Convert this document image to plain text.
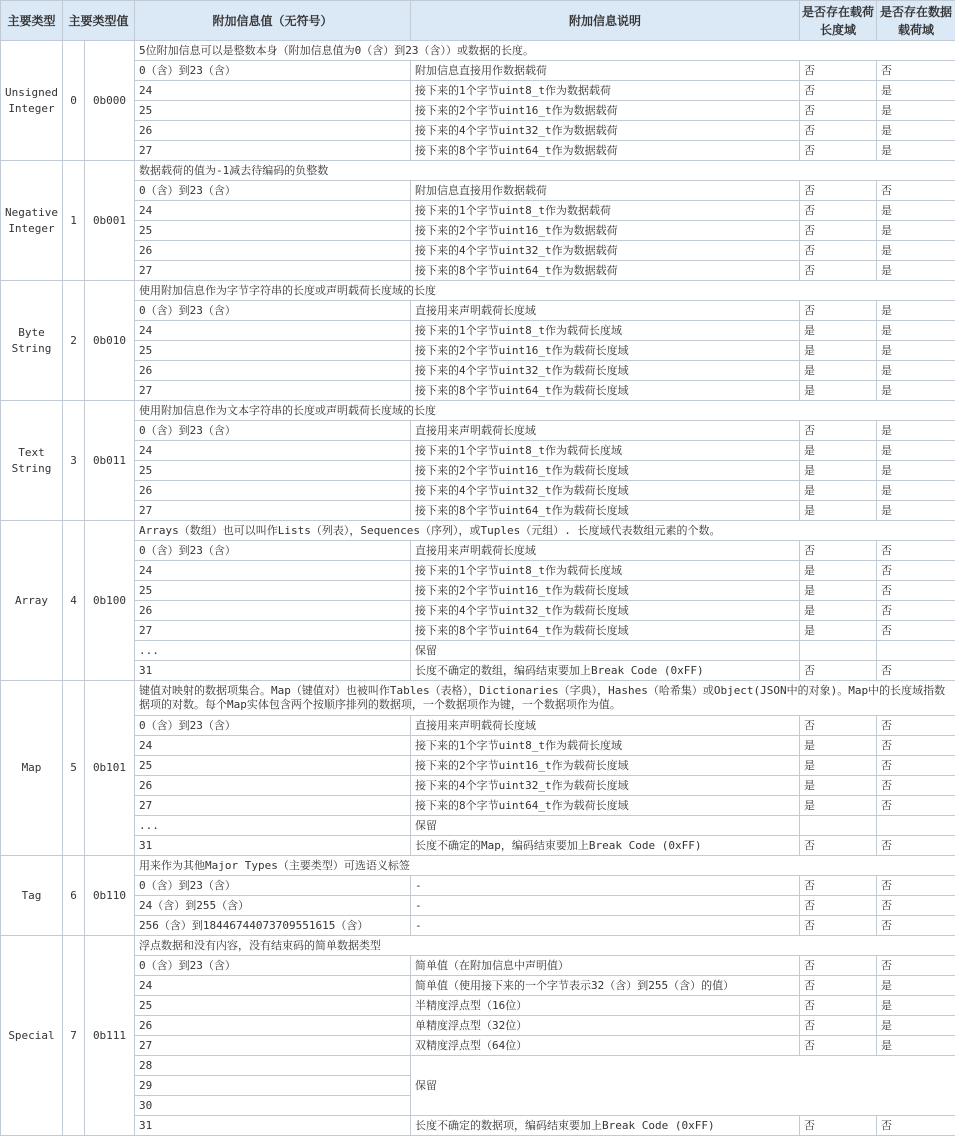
主要类型	主要类型值		附加信息值（无符号）	附加信息说明	是否存在载荷长度域	是否存在数据载荷域
Unsigned Integer	0	0b000	5位附加信息可以是整数本身（附加信息值为0（含）到23（含））或数据的长度。			
			0（含）到23（含）	附加信息直接用作数据载荷	否	否
			24	接下来的1个字节uint8_t作为数据载荷	否	是
			25	接下来的2个字节uint16_t作为数据载荷	否	是
			26	接下来的4个字节uint32_t作为数据载荷	否	是
			27	接下来的8个字节uint64_t作为数据载荷	否	是
Negative Integer	1	0b001	数据载荷的值为-1减去待编码的负整数			
			0（含）到23（含）	附加信息直接用作数据载荷	否	否
			24	接下来的1个字节uint8_t作为数据载荷	否	是
			25	接下来的2个字节uint16_t作为数据载荷	否	是
			26	接下来的4个字节uint32_t作为数据载荷	否	是
			27	接下来的8个字节uint64_t作为数据载荷	否	是
Byte String	2	0b010	使用附加信息作为字节字符串的长度或声明载荷长度域的长度			
			0（含）到23（含）	直接用来声明载荷长度域	否	是
			24	接下来的1个字节uint8_t作为载荷长度域	是	是
			25	接下来的2个字节uint16_t作为载荷长度域	是	是
			26	接下来的4个字节uint32_t作为载荷长度域	是	是
			27	接下来的8个字节uint64_t作为载荷长度域	是	是
Text String	3	0b011	使用附加信息作为文本字符串的长度或声明载荷长度域的长度			
			0（含）到23（含）	直接用来声明载荷长度域	否	是
			24	接下来的1个字节uint8_t作为载荷长度域	是	是
			25	接下来的2个字节uint16_t作为载荷长度域	是	是
			26	接下来的4个字节uint32_t作为载荷长度域	是	是
			27	接下来的8个字节uint64_t作为载荷长度域	是	是
Array	4	0b100	Arrays（数组）也可以叫作Lists（列表），Sequences（序列），或Tuples（元组）. 长度域代表数组元素的个数。			
			0（含）到23（含）	直接用来声明载荷长度域	否	否
			24	接下来的1个字节uint8_t作为载荷长度域	是	否
			25	接下来的2个字节uint16_t作为载荷长度域	是	否
			26	接下来的4个字节uint32_t作为载荷长度域	是	否
			27	接下来的8个字节uint64_t作为载荷长度域	是	否
			...	保留		
			31	长度不确定的数组，编码结束要加上Break Code (0xFF)	否	否
Map	5	0b101	键值对映射的数据项集合。Map（键值对）也被叫作Tables（表格），Dictionaries（字典），Hashes（哈希集）或Object(JSON中的对象)。Map中的长度域指数据项的对数。每个Map实体包含两个按顺序排列的数据项，一个数据项作为键，一个数据项作为值。			
			0（含）到23（含）	直接用来声明载荷长度域	否	否
			24	接下来的1个字节uint8_t作为载荷长度域	是	否
			25	接下来的2个字节uint16_t作为载荷长度域	是	否
			26	接下来的4个字节uint32_t作为载荷长度域	是	否
			27	接下来的8个字节uint64_t作为载荷长度域	是	否
			...	保留		
			31	长度不确定的Map，编码结束要加上Break Code (0xFF)	否	否
Tag	6	0b110	用来作为其他Major Types（主要类型）可选语义标签			
			0（含）到23（含）	-	否	否
			24（含）到255（含）	-	否	否
			256（含）到18446744073709551615（含）	-	否	否
Special	7	0b111	浮点数据和没有内容，没有结束码的简单数据类型			
			0（含）到23（含）	简单值（在附加信息中声明值）	否	否
			24	简单值（使用接下来的一个字节表示32（含）到255（含）的值）	否	是
			25	半精度浮点型（16位）	否	是
			26	单精度浮点型（32位）	否	是
			27	双精度浮点型（64位）	否	是
			28	保留		
			29			
			30			
			31	长度不确定的数据项，编码结束要加上Break Code (0xFF)	否	否
